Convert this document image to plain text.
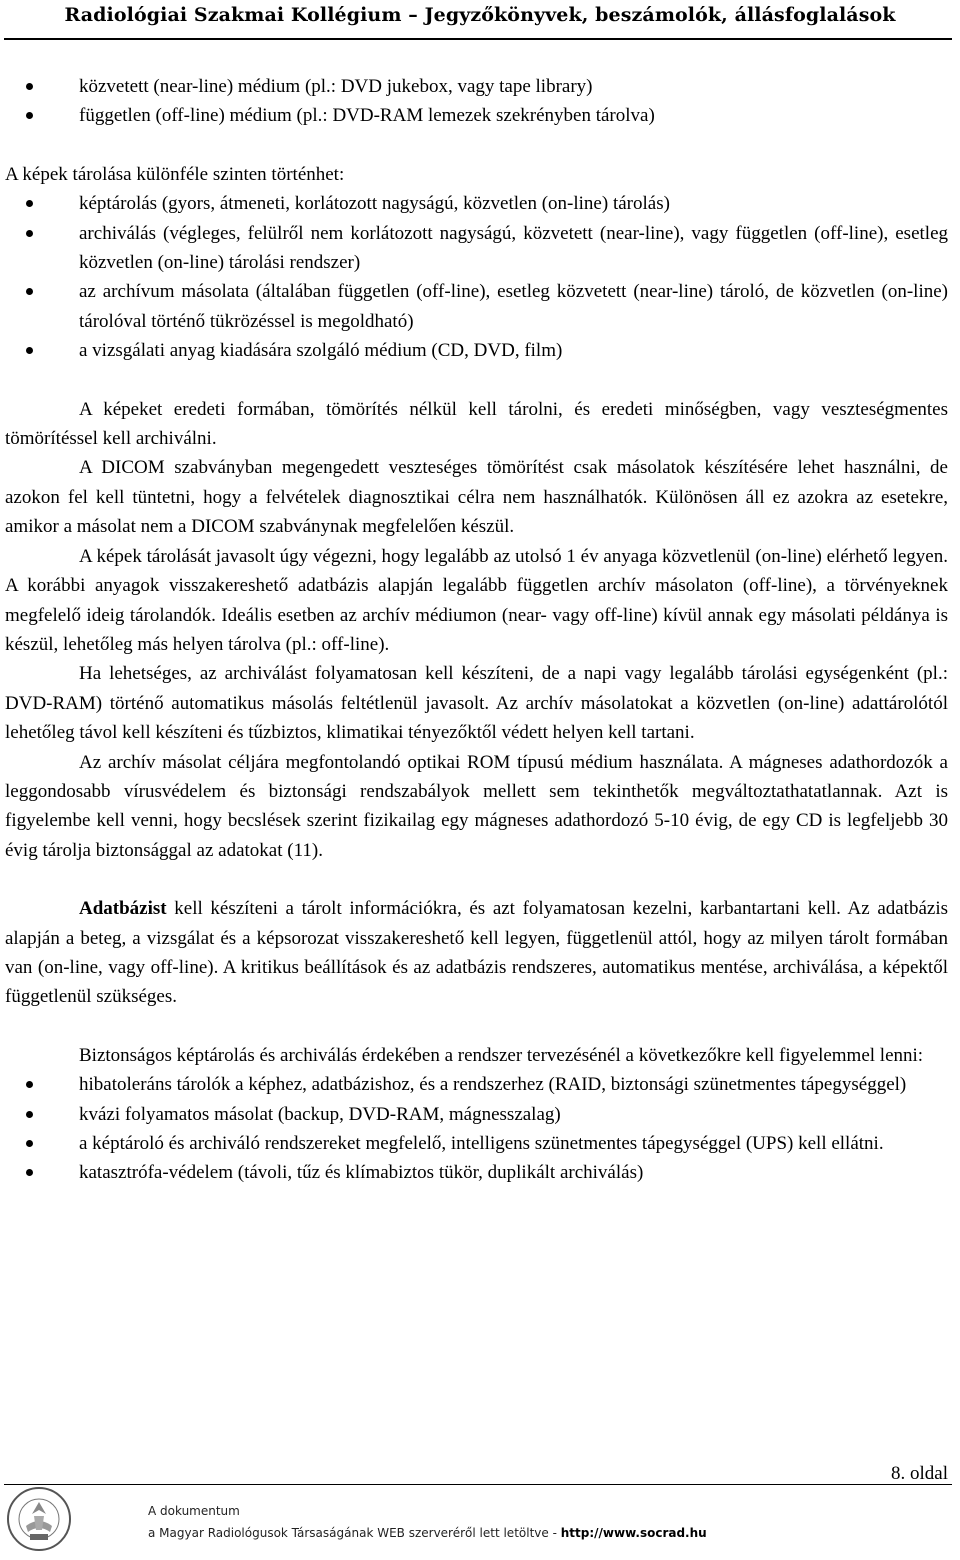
Radiológiai Szakmai Kollégium – Jegyzőkönyvek, beszámolók, állásfoglalások
közvetett (near-line) médium (pl.: DVD jukebox, vagy tape library)
független (off-line) médium (pl.: DVD-RAM lemezek szekrényben tárolva)

A képek tárolása különféle szinten történhet:

képtárolás (gyors, átmeneti, korlátozott nagyságú, közvetlen (on-line) tárolás)
archiválás (végleges, felülről nem korlátozott nagyságú, közvetett (near-line), vagy független (off-line), esetleg közvetlen (on-line) tárolási rendszer)
az archívum másolata (általában független (off-line), esetleg közvetett (near-line) tároló, de közvetlen (on-line) tárolóval történő tükrözéssel is megoldható)
a vizsgálati anyag kiadására szolgáló médium (CD, DVD, film)

A képeket eredeti formában, tömörítés nélkül kell tárolni, és eredeti minőségben, vagy veszteségmentes tömörítéssel kell archiválni.

A DICOM szabványban megengedett veszteséges tömörítést csak másolatok készítésére lehet használni, de azokon fel kell tüntetni, hogy a felvételek diagnosztikai célra nem használhatók. Különösen áll ez azokra az esetekre, amikor a másolat nem a DICOM szabványnak megfelelően készül.

A képek tárolását javasolt úgy végezni, hogy legalább az utolsó 1 év anyaga közvetlenül (on-line) elérhető legyen. A korábbi anyagok visszakereshető adatbázis alapján legalább független archív másolaton (off-line), a törvényeknek megfelelő ideig tárolandók. Ideális esetben az archív médiumon (near- vagy off-line) kívül annak egy másolati példánya is készül, lehetőleg más helyen tárolva (pl.: off-line).

Ha lehetséges, az archiválást folyamatosan kell készíteni, de a napi vagy legalább tárolási egységenként (pl.: DVD-RAM) történő automatikus másolás feltétlenül javasolt. Az archív másolatokat a közvetlen (on-line) adattárolótól lehetőleg távol kell készíteni és tűzbiztos, klimatikai tényezőktől védett helyen kell tartani.

Az archív másolat céljára megfontolandó optikai ROM típusú médium használata. A mágneses adathordozók a leggondosabb vírusvédelem és biztonsági rendszabályok mellett sem tekinthetők megváltoztathatatlannak. Azt is figyelembe kell venni, hogy becslések szerint fizikailag egy mágneses adathordozó 5-10 évig, de egy CD is legfeljebb 30 évig tárolja biztonsággal az adatokat (11).

Adatbázist kell készíteni a tárolt információkra, és azt folyamatosan kezelni, karbantartani kell. Az adatbázis alapján a beteg, a vizsgálat és a képsorozat visszakereshető kell legyen, függetlenül attól, hogy az milyen tárolt formában van (on-line, vagy off-line). A kritikus beállítások és az adatbázis rendszeres, automatikus mentése, archiválása, a képektől függetlenül szükséges.

Biztonságos képtárolás és archiválás érdekében a rendszer tervezésénél a következőkre kell figyelemmel lenni:

hibatoleráns tárolók a képhez, adatbázishoz, és a rendszerhez (RAID, biztonsági szünetmentes tápegységgel)
kvázi folyamatos másolat (backup, DVD-RAM, mágnesszalag)
a képtároló és archiváló rendszereket megfelelő, intelligens szünetmentes tápegységgel (UPS) kell ellátni.
katasztrófa-védelem (távoli, tűz és klímabiztos tükör, duplikált archiválás)
8. oldal
A dokumentum
a Magyar Radiológusok Társaságának WEB szerveréről lett letöltve - http://www.socrad.hu
